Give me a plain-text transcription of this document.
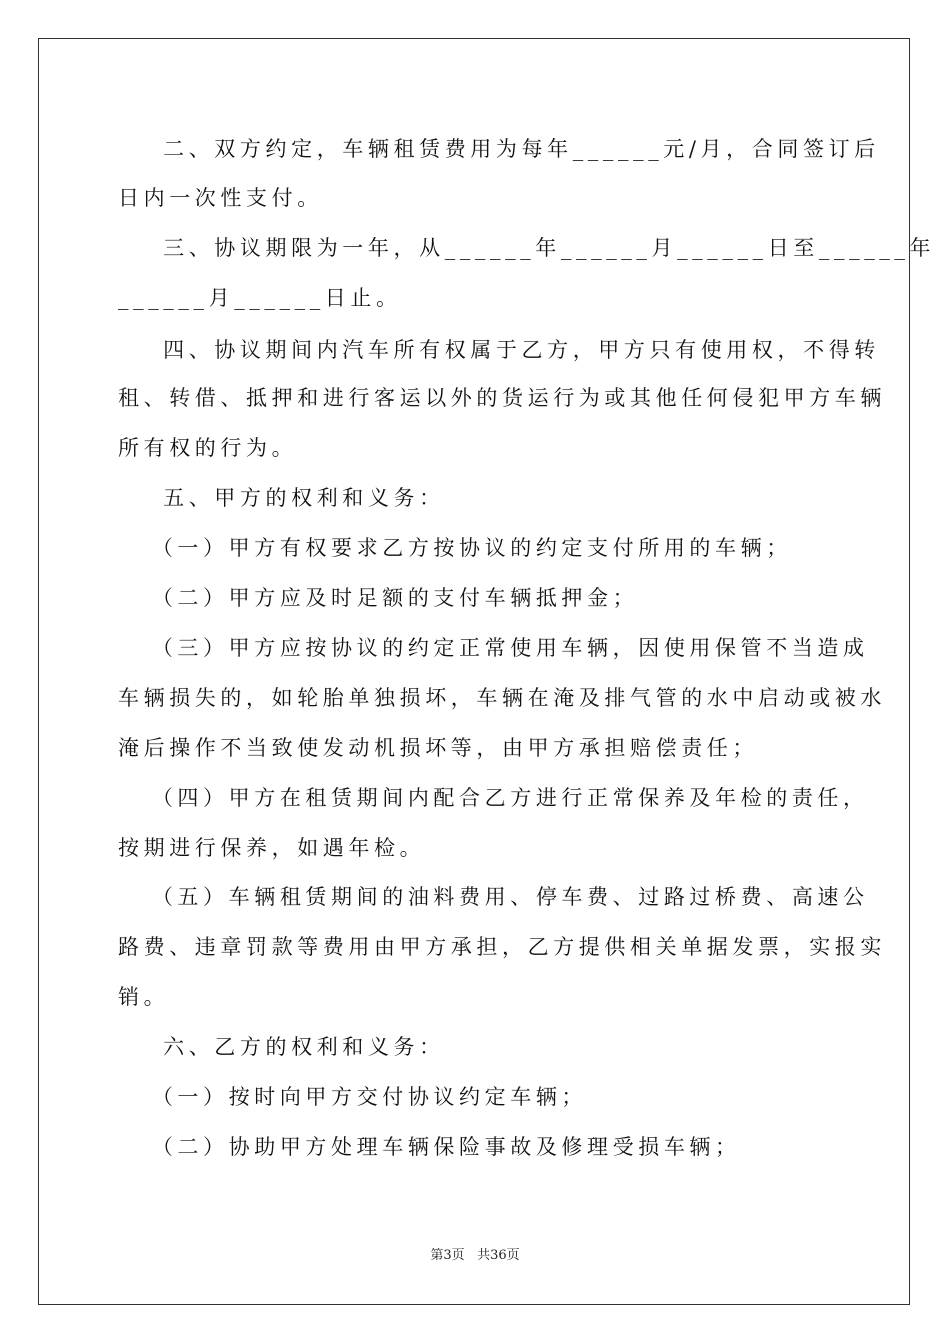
二、双方约定，车辆租赁费用为每年______元/月，合同签订后
日内一次性支付。
三、协议期限为一年，从______年______月______日至______年
______月______日止。
四、协议期间内汽车所有权属于乙方，甲方只有使用权，不得转
租、转借、抵押和进行客运以外的货运行为或其他任何侵犯甲方车辆
所有权的行为。
五、甲方的权利和义务：
（一）甲方有权要求乙方按协议的约定支付所用的车辆；
（二）甲方应及时足额的支付车辆抵押金；
（三）甲方应按协议的约定正常使用车辆，因使用保管不当造成
车辆损失的，如轮胎单独损坏，车辆在淹及排气管的水中启动或被水
淹后操作不当致使发动机损坏等，由甲方承担赔偿责任；
（四）甲方在租赁期间内配合乙方进行正常保养及年检的责任，
按期进行保养，如遇年检。
（五）车辆租赁期间的油料费用、停车费、过路过桥费、高速公
路费、违章罚款等费用由甲方承担，乙方提供相关单据发票，实报实
销。
六、乙方的权利和义务：
（一）按时向甲方交付协议约定车辆；
（二）协助甲方处理车辆保险事故及修理受损车辆；
第3页 共36页
